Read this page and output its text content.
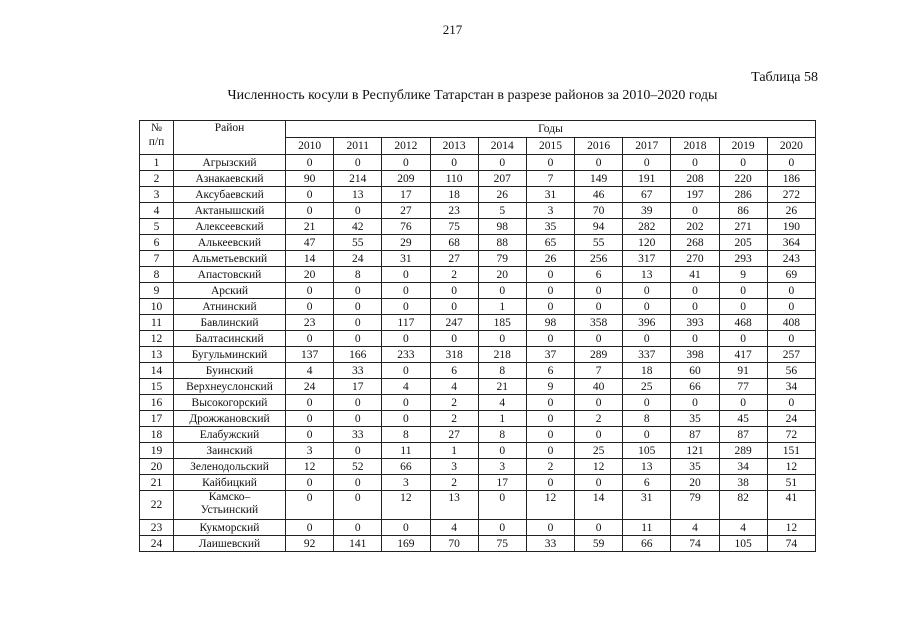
217
Таблица 58
Численность косули в Республике Татарстан в разрезе районов за 2010–2020 годы
№
п/п	Район	Годы										
		2010	2011	2012	2013	2014	2015	2016	2017	2018	2019	2020
1	Агрызский	0	0	0	0	0	0	0	0	0	0	0
2	Азнакаевский	90	214	209	110	207	7	149	191	208	220	186
3	Аксубаевский	0	13	17	18	26	31	46	67	197	286	272
4	Актанышский	0	0	27	23	5	3	70	39	0	86	26
5	Алексеевский	21	42	76	75	98	35	94	282	202	271	190
6	Алькеевский	47	55	29	68	88	65	55	120	268	205	364
7	Альметьевский	14	24	31	27	79	26	256	317	270	293	243
8	Апастовский	20	8	0	2	20	0	6	13	41	9	69
9	Арский	0	0	0	0	0	0	0	0	0	0	0
10	Атнинский	0	0	0	0	1	0	0	0	0	0	0
11	Бавлинский	23	0	117	247	185	98	358	396	393	468	408
12	Балтасинский	0	0	0	0	0	0	0	0	0	0	0
13	Бугульминский	137	166	233	318	218	37	289	337	398	417	257
14	Буинский	4	33	0	6	8	6	7	18	60	91	56
15	Верхнеуслонский	24	17	4	4	21	9	40	25	66	77	34
16	Высокогорский	0	0	0	2	4	0	0	0	0	0	0
17	Дрожжановский	0	0	0	2	1	0	2	8	35	45	24
18	Елабужский	0	33	8	27	8	0	0	0	87	87	72
19	Заинский	3	0	11	1	0	0	25	105	121	289	151
20	Зеленодольский	12	52	66	3	3	2	12	13	35	34	12
21	Кайбицкий	0	0	3	2	17	0	0	6	20	38	51
22	Камско–
Устьинский	0	0	12	13	0	12	14	31	79	82	41
23	Кукморский	0	0	0	4	0	0	0	11	4	4	12
24	Лаишевский	92	141	169	70	75	33	59	66	74	105	74
